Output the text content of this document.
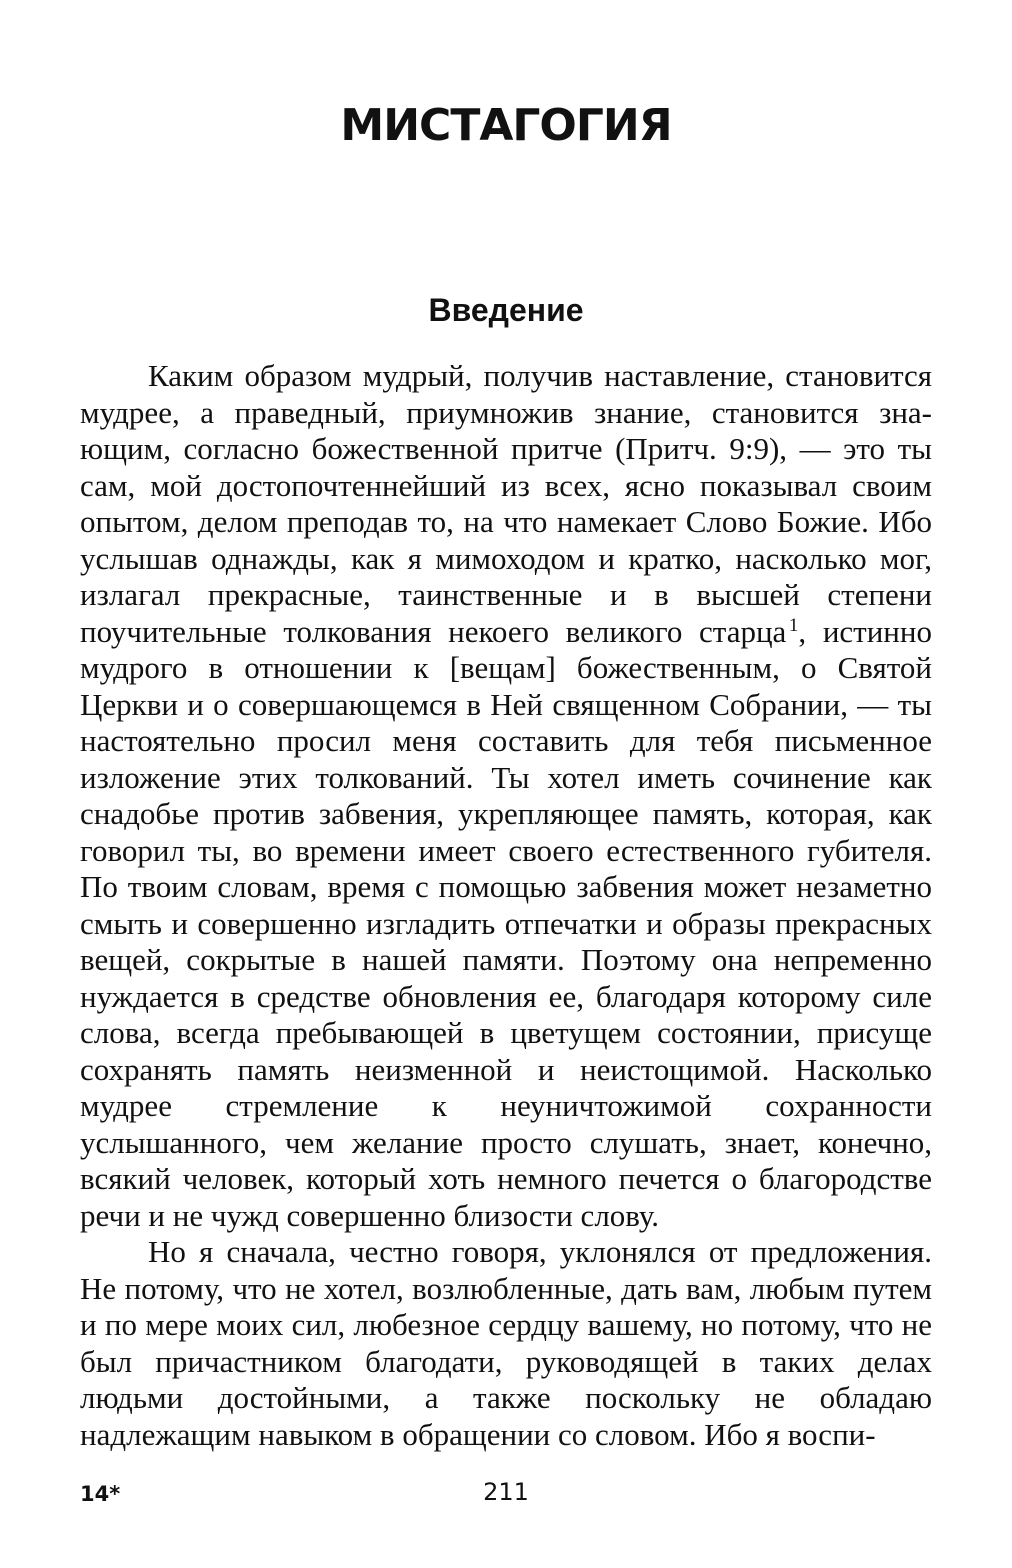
МИСТАГОГИЯ
Введение

Каким образом мудрый, получив наставление, становится мудрее, а праведный, приумножив знание, становится знающим, согласно божественной притче (Притч. 9:9), — это ты сам, мой достопочтеннейший из всех, ясно показывал своим опытом, делом преподав то, на что намекает Слово Божие. Ибо услышав однажды, как я мимоходом и кратко, насколько мог, излагал прекрасные, таинственные и в высшей степени поучительные толкования некоего великого старца  $^1$, истинно мудрого в отношении к [вещам] божественным, о Святой Церкви и о совершающемся в Ней священном Собрании, — ты настоятельно просил меня составить для тебя письменное изложение этих толкований. Ты хотел иметь сочинение как снадобье против забвения, укрепляющее память, которая, как говорил ты, во времени имеет своего естественного губителя. По твоим словам, время с помощью забвения может незаметно смыть и совершенно изгладить отпечатки и образы прекрасных вещей, сокрытые в нашей памяти. Поэтому она непременно нуждается в средстве обновления ее, благодаря которому силе слова, всегда пребывающей в цветущем состоянии, присуще сохранять память неизменной и неистощимой. Насколько мудрее стремление к неуничтожимой сохранности услышанного, чем желание просто слушать, знает, конечно, всякий человек, который хоть немного печется о благородстве речи и не чужд совершенно близости слову.

Но я сначала, честно говоря, уклонялся от предложения. Не потому, что не хотел, возлюбленные, дать вам, любым путем и по мере моих сил, любезное сердцу вашему, но потому, что не был причастником благодати, руководящей в таких делах людьми достойными, а также поскольку не обладаю надлежащим навыком в обращении со словом. Ибо я воспи-

14*	211
